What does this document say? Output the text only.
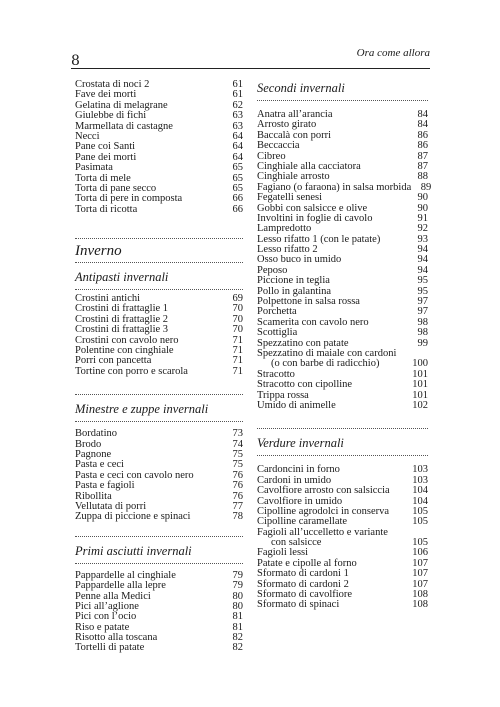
8	Ora come allora
Crostata di noci 2	61
Fave dei morti	61
Gelatina di melagrane	62
Giulebbe di fichi	63
Marmellata di castagne	63
Necci	64
Pane coi Santi	64
Pane dei morti	64
Pasimata	65
Torta di mele	65
Torta di pane secco	65
Torta di pere in composta	66
Torta di ricotta	66
Inverno
Antipasti invernali
Crostini antichi	69
Crostini di frattaglie 1	70
Crostini di frattaglie 2	70
Crostini di frattaglie 3	70
Crostini con cavolo nero	71
Polentine con cinghiale	71
Porri con pancetta	71
Tortine con porro e scarola	71
Minestre e zuppe invernali
Bordatino	73
Brodo	74
Pagnone	75
Pasta e ceci	75
Pasta e ceci con cavolo nero	76
Pasta e fagioli	76
Ribollita	76
Vellutata di porri	77
Zuppa di piccione e spinaci	78
Primi asciutti invernali
Pappardelle al cinghiale	79
Pappardelle alla lepre	79
Penne alla Medici	80
Pici all’aglione	80
Pici con l’ocio	81
Riso e patate	81
Risotto alla toscana	82
Tortelli di patate	82
Secondi invernali
Anatra all’arancia	84
Arrosto girato	84
Baccalà con porri	86
Beccaccia	86
Cibreo	87
Cinghiale alla cacciatora	87
Cinghiale arrosto	88
Fagiano (o faraona) in salsa morbida 89
Fegatelli senesi	90
Gobbi con salsicce e olive	90
Involtini in foglie di cavolo	91
Lampredotto	92
Lesso rifatto 1 (con le patate)	93
Lesso rifatto 2	94
Osso buco in umido	94
Peposo	94
Piccione in teglia	95
Pollo in galantina	95
Polpettone in salsa rossa	97
Porchetta	97
Scamerita con cavolo nero	98
Scottiglia	98
Spezzatino con patate	99
Spezzatino di maiale con cardoni
(o con barbe di radicchio)	100
Stracotto	101
Stracotto con cipolline	101
Trippa rossa	101
Umido di animelle	102
Verdure invernali
Cardoncini in forno	103
Cardoni in umido	103
Cavolfiore arrosto con salsiccia	104
Cavolfiore in umido	104
Cipolline agrodolci in conserva	105
Cipolline caramellate	105
Fagioli all’uccelletto e variante
con salsicce	105
Fagioli lessi	106
Patate e cipolle al forno	107
Sformato di cardoni 1	107
Sformato di cardoni 2	107
Sformato di cavolfiore	108
Sformato di spinaci	108
